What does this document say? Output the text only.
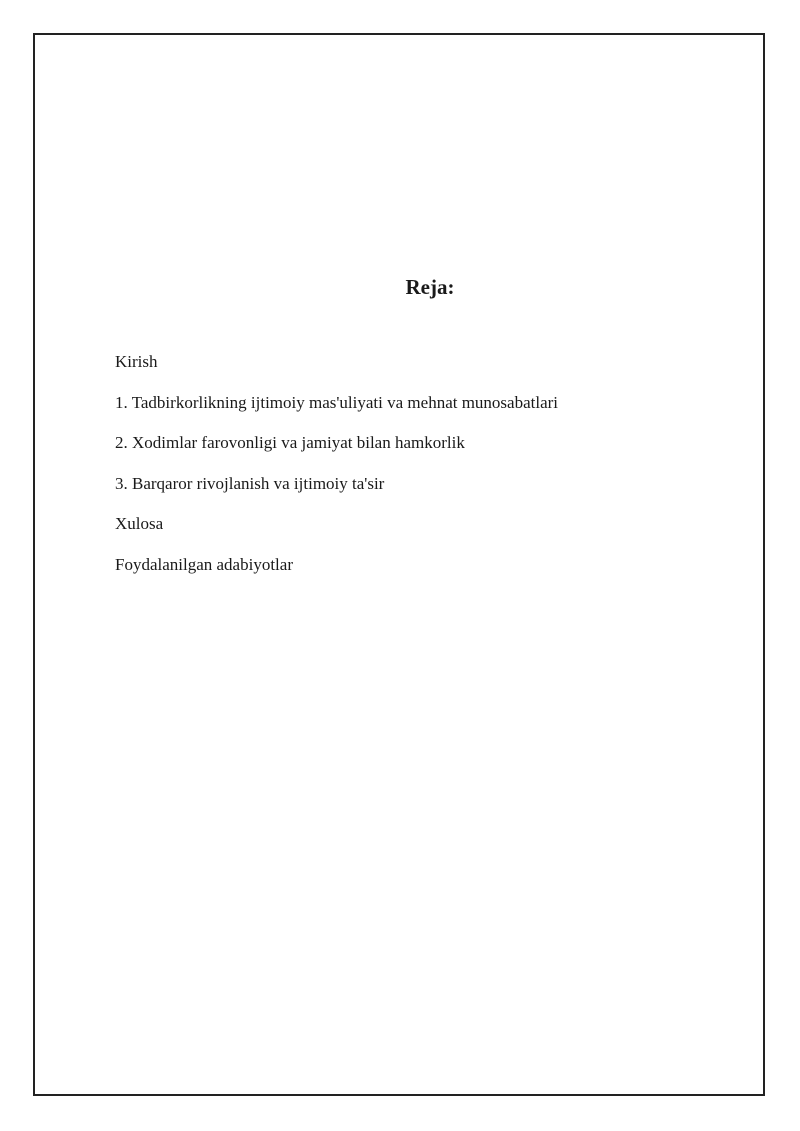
Reja:
Kirish
1. Tadbirkorlikning ijtimoiy mas'uliyati va mehnat munosabatlari
2. Xodimlar farovonligi va jamiyat bilan hamkorlik
3. Barqaror rivojlanish va ijtimoiy ta'sir
Xulosa
Foydalanilgan adabiyotlar
